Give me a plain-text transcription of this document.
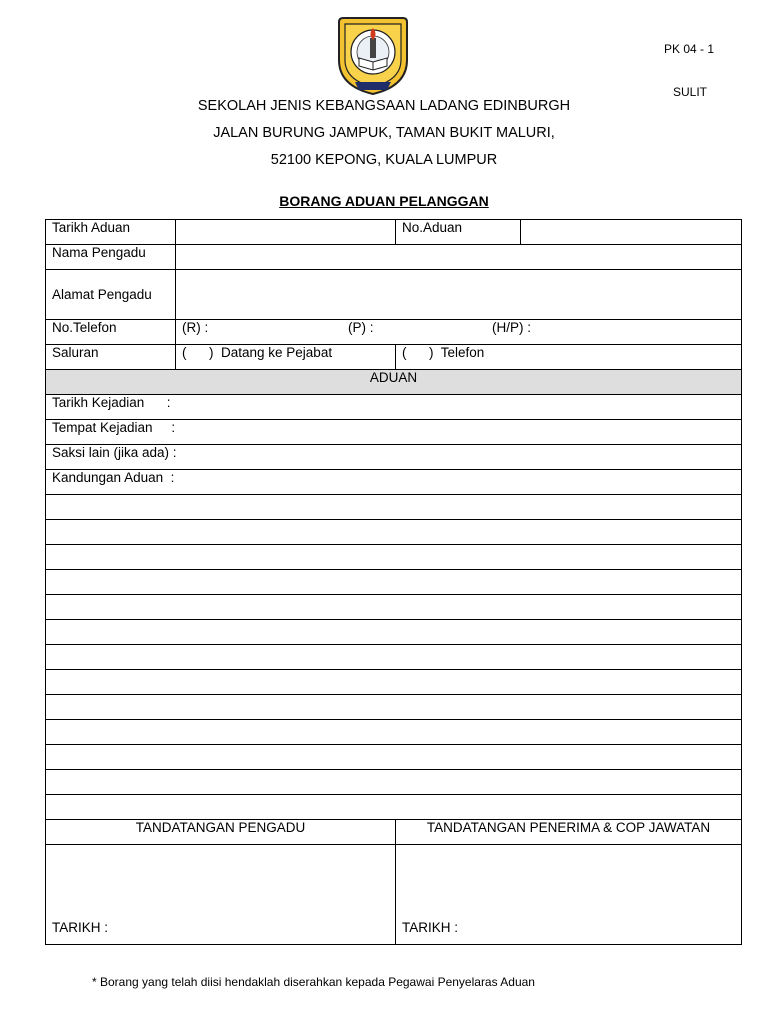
PK 04 - 1
SULIT
SEKOLAH JENIS KEBANGSAAN LADANG EDINBURGH
JALAN BURUNG JAMPUK, TAMAN BUKIT MALURI,
52100 KEPONG, KUALA LUMPUR
BORANG ADUAN PELANGGAN
Tarikh Aduan		No.Aduan	
Nama Pengadu			
Alamat Pengadu			
No.Telefon	(R) : (P) : (H/P) :		
Saluran	(      )  Datang ke Pejabat	(      )  Telefon	
ADUAN			
Tarikh Kejadian      :			
Tempat Kejadian     :			
Saksi lain (jika ada) :			
Kandungan Aduan  :			

TANDATANGAN PENGADU		TANDATANGAN PENERIMA & COP JAWATAN	

TARIKH :		TARIKH :	
* Borang yang telah diisi hendaklah diserahkan kepada Pegawai Penyelaras Aduan
